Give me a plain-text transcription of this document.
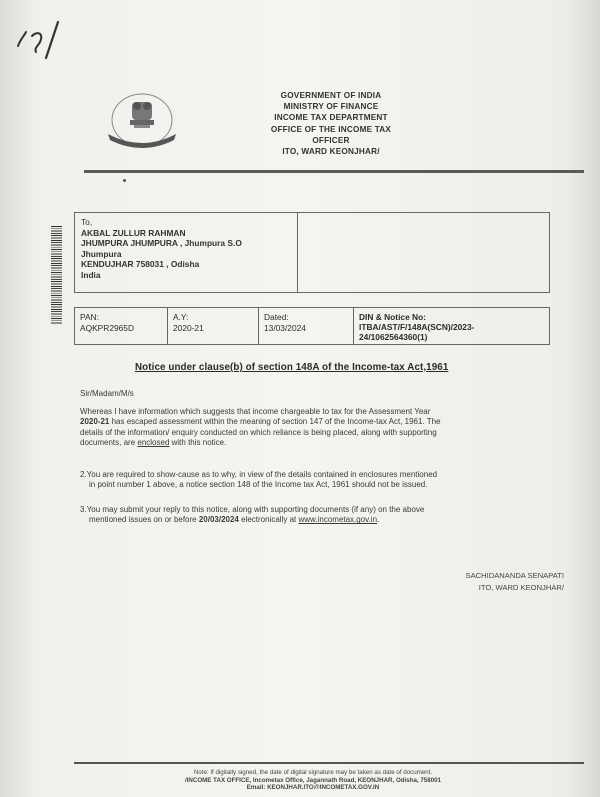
GOVERNMENT OF INDIA
MINISTRY OF FINANCE
INCOME TAX DEPARTMENT
OFFICE OF THE INCOME TAX
OFFICER
ITO, WARD KEONJHAR/
To,
AKBAL ZULLUR RAHMAN
JHUMPURA JHUMPURA , Jhumpura S.O
Jhumpura
KENDUJHAR 758031 , Odisha
India
PAN:
AQKPR2965D
A.Y:
2020-21
Dated:
13/03/2024
DIN & Notice No:
ITBA/AST/F/148A(SCN)/2023-
24/1062564360(1)
Notice under clause(b) of section 148A of the Income-tax Act,1961
Sir/Madam/M/s
Whereas I have information which suggests that income chargeable to tax for the Assessment Year
2020-21 has escaped assessment within the meaning of section 147 of the Income-tax Act, 1961. The
details of the information/ enquiry conducted on which reliance is being placed, along with supporting
documents, are enclosed with this notice.
2.You are required to show-cause as to why, in view of the details contained in enclosures mentioned
in point number 1 above, a notice section 148 of the Income tax Act, 1961 should not be issued.
3.You may submit your reply to this notice, along with supporting documents (if any) on the above
mentioned issues on or before 20/03/2024 electronically at www.incometax.gov.in.
SACHIDANANDA SENAPATI
ITO, WARD KEONJHAR/
Note: If digitally signed, the date of digital signature may be taken as date of document.
/INCOME TAX OFFICE, Incometax Office, Jagannath Road, KEONJHAR, Odisha, 758001
Email: KEONJHAR.ITO@INCOMETAX.GOV.IN
